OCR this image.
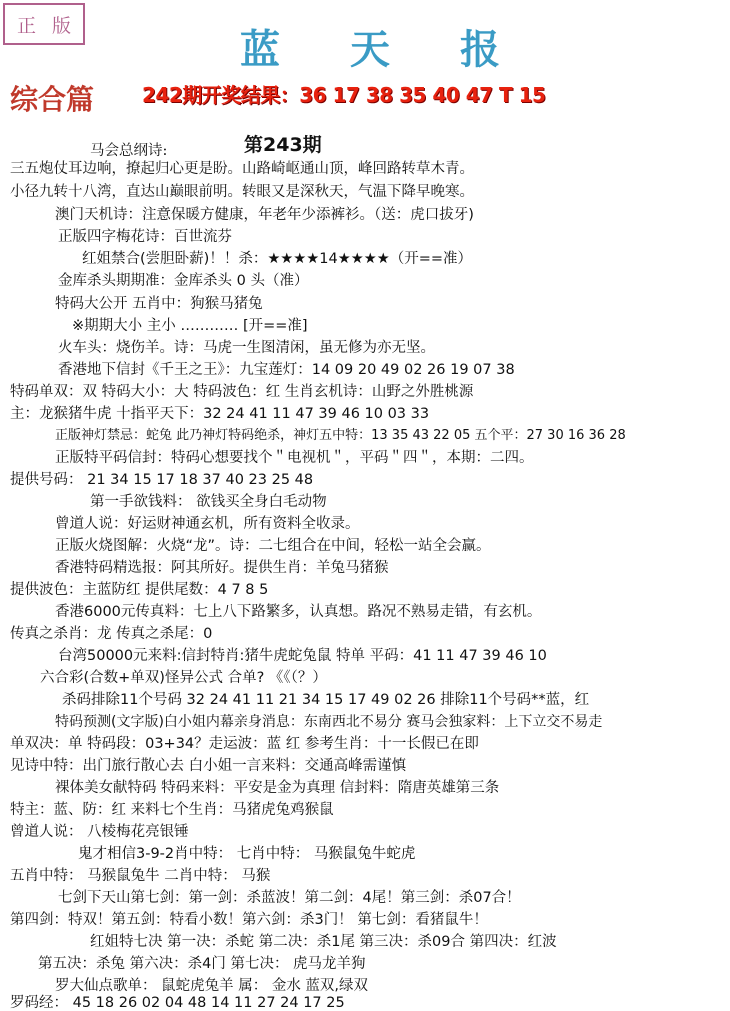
正 版
蓝 天 报
综合篇 242期开奖结果：36 17 38 35 40 47 T 15
马会总纲诗:	第243期
三五炮仗耳边响，撩起归心更是盼。山路崎岖通山顶，峰回路转草木青。
小径九转十八湾，直达山巅眼前明。转眼又是深秋天，气温下降早晚寒。
澳门天机诗：注意保暖方健康，年老年少添裤衫。（送：虎口拔牙)
正版四字梅花诗：百世流芬
红姐禁合(尝胆卧薪)！！杀：★★★★14★★★★（开==准）
金库杀头期期准：金库杀头 0 头（准）
特码大公开 五肖中：狗猴马猪兔
※期期大小 主小 ………… [开==准]
火车头：烧伤羊。诗：马虎一生图清闲，虽无修为亦无坚。
香港地下信封《千王之王》：九宝莲灯：14 09 20 49 02 26 19 07 38
特码单双：双 特码大小：大 特码波色：红 生肖玄机诗：山野之外胜桃源
主：龙猴猪牛虎 十指平天下：32 24 41 11 47 39 46 10 03 33
正版神灯禁忌：蛇兔 此乃神灯特码绝杀，神灯五中特：13 35 43 22 05 五个平：27 30 16 36 28
正版特平码信封：特码心想要找个＂电视机＂，平码＂四＂，本期：二四。
提供号码： 21 34 15 17 18 37 40 23 25 48
第一手欲钱料： 欲钱买全身白毛动物
曾道人说：好运财神通玄机，所有资料全收录。
正版火烧图解：火烧“龙”。诗：二七组合在中间，轻松一站全会赢。
香港特码精选报：阿其所好。提供生肖：羊兔马猪猴
提供波色：主蓝防红 提供尾数：4 7 8 5
香港6000元传真料：七上八下路繁多，认真想。路况不熟易走错，有玄机。
传真之杀肖：龙 传真之杀尾：0
台湾50000元来料:信封特肖:猪牛虎蛇兔鼠 特单 平码：41 11 47 39 46 10
六合彩(合数+单双)怪异公式 合单? 《《（？）
杀码排除11个号码 32 24 41 11 21 34 15 17 49 02 26 排除11个号码**蓝，红
特码预测(文字版)白小姐内幕亲身消息：东南西北不易分 赛马会独家料：上下立交不易走
单双决：单 特码段：03+34？走运波：蓝 红 参考生肖：十一长假已在即
见诗中特：出门旅行散心去 白小姐一言来料：交通高峰需谨慎
裸体美女献特码 特码来料：平安是金为真理 信封料：隋唐英雄第三条
特主：蓝、防：红 来料七个生肖：马猪虎兔鸡猴鼠
曾道人说： 八棱梅花亮银锤
鬼才相信3-9-2肖中特： 七肖中特： 马猴鼠兔牛蛇虎
五肖中特： 马猴鼠兔牛 二肖中特： 马猴
七剑下天山第七剑：第一剑：杀蓝波！第二剑：4尾！第三剑：杀07合！
第四剑：特双！第五剑：特看小数！第六剑：杀3门！ 第七剑：看猪鼠牛！
红姐特七决 第一决：杀蛇 第二决：杀1尾 第三决：杀09合 第四决：红波
第五决：杀兔 第六决：杀4门 第七决： 虎马龙羊狗
罗大仙点歌单： 鼠蛇虎兔羊 属： 金水 蓝双,绿双
罗码经： 45 18 26 02 04 48 14 11 27 24 17 25
